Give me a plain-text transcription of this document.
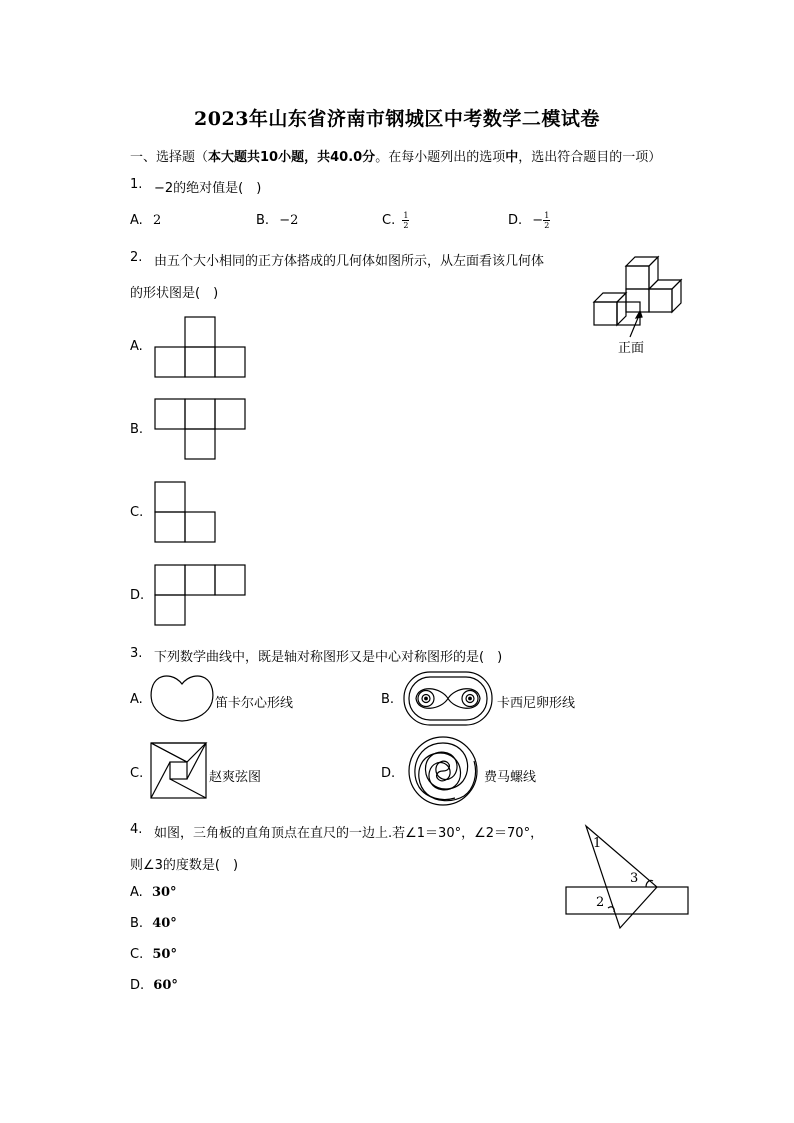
2023年山东省济南市钢城区中考数学二模试卷
一、选择题（本大题共10小题，共40.0分。在每小题列出的选项中，选出符合题目的一项）
1. −2的绝对值是(　)
A. 2	B. −2	C. $\frac{1}{2}$	D. − $\frac{1}{2}$
2. 由五个大小相同的正方体搭成的几何体如图所示，从左面看该几何体
的形状图是(　)
正面
A.
B.
C.
D.
3. 下列数学曲线中，既是轴对称图形又是中心对称图形的是(　)
A.	笛卡尔心形线	B.	卡西尼卵形线
C.	赵爽弦图	D.	费马螺线
4. 如图，三角板的直角顶点在直尺的一边上.若∠1＝30°，∠2＝70°，
则∠3的度数是(　)
1
2
3
A. 30°
B. 40°
C. 50°
D. 60°
